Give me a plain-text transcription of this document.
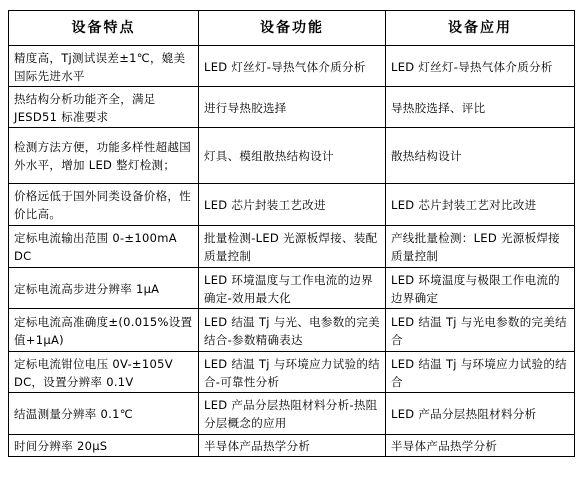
设备特点	设备功能	设备应用
精度高，Tj测试误差±1℃，媲美国际先进水平	LED 灯丝灯-导热气体介质分析	LED 灯丝灯-导热气体介质分析
热结构分析功能齐全，满足JESD51 标准要求	进行导热胶选择	导热胶选择、评比
检测方法方便，功能多样性超越国外水平，增加 LED 整灯检测；	灯具、模组散热结构设计	散热结构设计
价格远低于国外同类设备价格，性价比高。	LED 芯片封装工艺改进	LED 芯片封装工艺对比改进
定标电流输出范围 0-±100mA DC	批量检测-LED 光源板焊接、装配质量控制	产线批量检测：LED 光源板焊接质量控制
定标电流高步进分辨率 1μA	LED 环境温度与工作电流的边界确定-效用最大化	LED 环境温度与极限工作电流的边界确定
定标电流高准确度±(0.015%设置值+1μA)	LED 结温 Tj 与光、电参数的完美结合-参数精确表达	LED 结温 Tj 与光电参数的完美结合
定标电流钳位电压 0V-±105V DC，设置分辨率 0.1V	LED 结温 Tj 与环境应力试验的结合-可靠性分析	LED 结温 Tj 与环境应力试验的结合
结温测量分辨率 0.1℃	LED 产品分层热阻材料分析-热阻分层概念的应用	LED 产品分层热阻材料分析
时间分辨率 20μS	半导体产品热学分析	半导体产品热学分析
